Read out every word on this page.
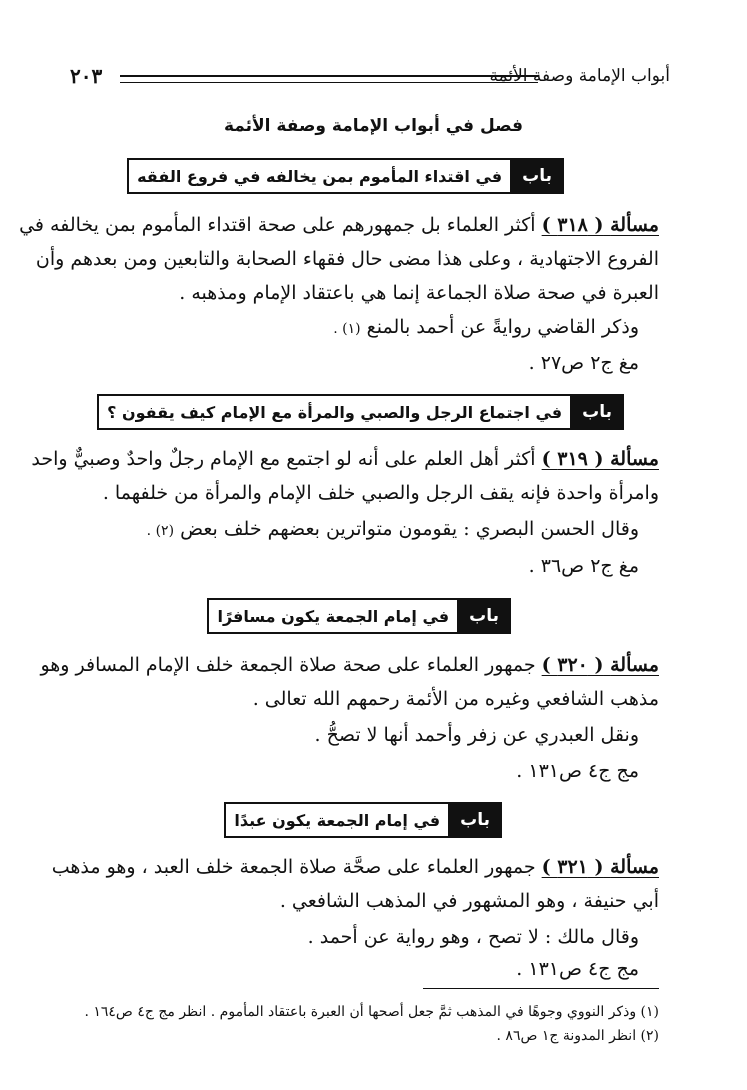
أبواب الإمامة وصفة الأئمة
٢٠٣
فصل في أبواب الإمامة وصفة الأئمة
باب
في اقتداء المأموم بمن يخالفه في فروع الفقه
مسألة ( ٣١٨ ) أكثر العلماء بل جمهورهم على صحة اقتداء المأموم بمن يخالفه في
الفروع الاجتهادية ، وعلى هذا مضى حال فقهاء الصحابة والتابعين ومن بعدهم وأن
العبرة في صحة صلاة الجماعة إنما هي باعتقاد الإمام ومذهبه .
وذكر القاضي روايةً عن أحمد بالمنع (١) .
مغ ج٢ ص٢٧ .
باب
في اجتماع الرجل والصبي والمرأة مع الإمام كيف يقفون ؟
مسألة ( ٣١٩ ) أكثر أهل العلم على أنه لو اجتمع مع الإمام رجلٌ واحدٌ وصبيٌّ واحد
وامرأة واحدة فإنه يقف الرجل والصبي خلف الإمام والمرأة من خلفهما .
وقال الحسن البصري : يقومون متواترين بعضهم خلف بعض (٢) .
مغ ج٢ ص٣٦ .
باب
في إمام الجمعة يكون مسافرًا
مسألة ( ٣٢٠ ) جمهور العلماء على صحة صلاة الجمعة خلف الإمام المسافر وهو
مذهب الشافعي وغيره من الأئمة رحمهم الله تعالى .
ونقل العبدري عن زفر وأحمد أنها لا تصحُّ .
مج ج٤ ص١٣١ .
باب
في إمام الجمعة يكون عبدًا
مسألة ( ٣٢١ ) جمهور العلماء على صحَّة صلاة الجمعة خلف العبد ، وهو مذهب
أبي حنيفة ، وهو المشهور في المذهب الشافعي .
وقال مالك : لا تصح ، وهو رواية عن أحمد .
مج ج٤ ص١٣١ .
(١) وذكر النووي وجوهًا في المذهب ثمَّ جعل أصحها أن العبرة باعتقاد المأموم . انظر مج ج٤ ص١٦٤ .
(٢) انظر المدونة ج١ ص٨٦ .
